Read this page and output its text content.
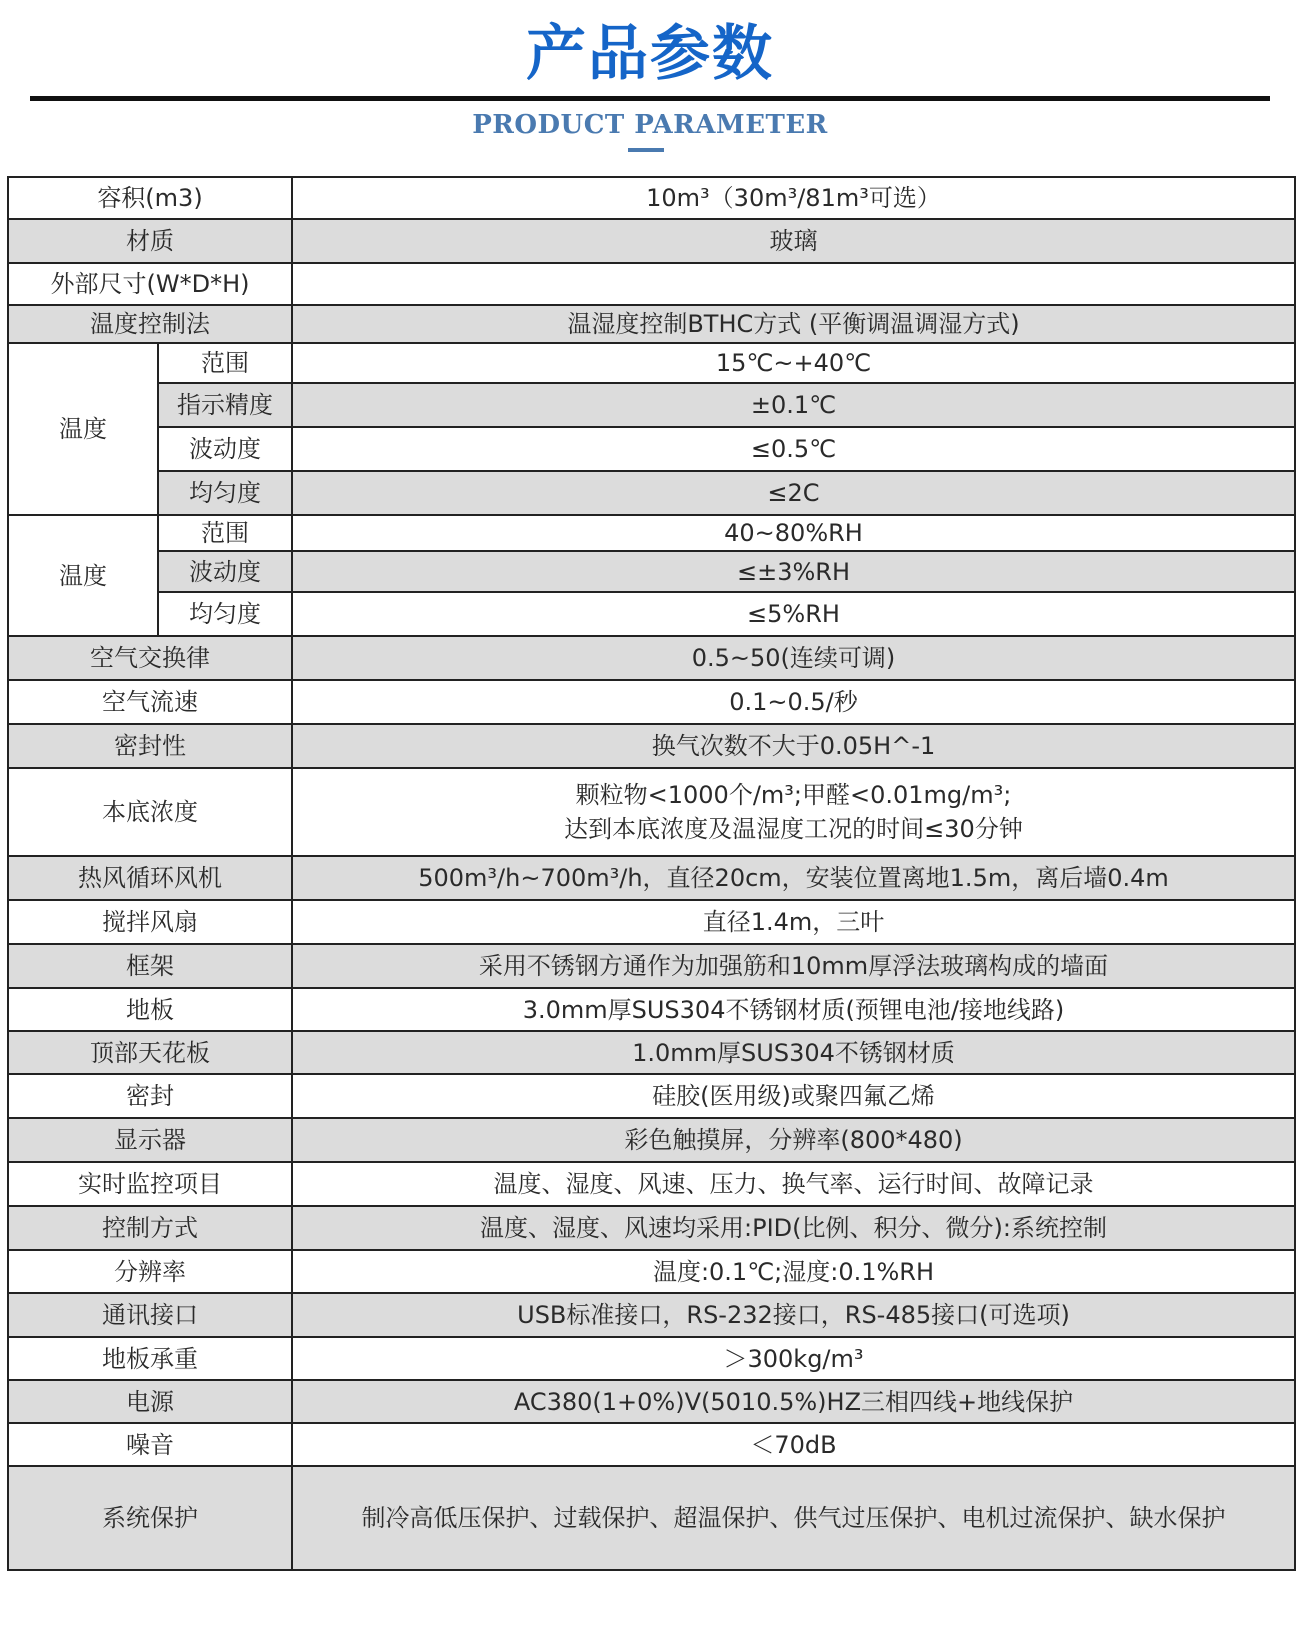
产品参数
PRODUCT PARAMETER
容积(m3)		10m³（30m³/81m³可选）
材质		玻璃
外部尺寸(W*D*H)		
温度控制法		温湿度控制BTHC方式 (平衡调温调湿方式)
温度	范围	15℃~+40℃
	指示精度	±0.1℃
	波动度	≤0.5℃
	均匀度	≤2C
温度	范围	40~80%RH
	波动度	≤±3%RH
	均匀度	≤5%RH
空气交换律		0.5~50(连续可调)
空气流速		0.1~0.5/秒
密封性		换气次数不大于0.05H^-1
本底浓度		颗粒物<1000个/m³;甲醛<0.01mg/m³;
达到本底浓度及温湿度工况的时间≤30分钟

热风循环风机		500m³/h~700m³/h，直径20cm，安装位置离地1.5m，离后墙0.4m
搅拌风扇		直径1.4m，三叶
框架		采用不锈钢方通作为加强筋和10mm厚浮法玻璃构成的墙面
地板		3.0mm厚SUS304不锈钢材质(预锂电池/接地线路)
顶部天花板		1.0mm厚SUS304不锈钢材质
密封		硅胶(医用级)或聚四氟乙烯
显示器		彩色触摸屏，分辨率(800*480)
实时监控项目		温度、湿度、风速、压力、换气率、运行时间、故障记录
控制方式		温度、湿度、风速均采用:PID(比例、积分、微分):系统控制
分辨率		温度:0.1℃;湿度:0.1%RH
通讯接口		USB标准接口，RS-232接口，RS-485接口(可选项)
地板承重		＞300kg/m³
电源		AC380(1+0%)V(5010.5%)HZ三相四线+地线保护
噪音		＜70dB
系统保护		制冷高低压保护、过载保护、超温保护、供气过压保护、电机过流保护、缺水保护
